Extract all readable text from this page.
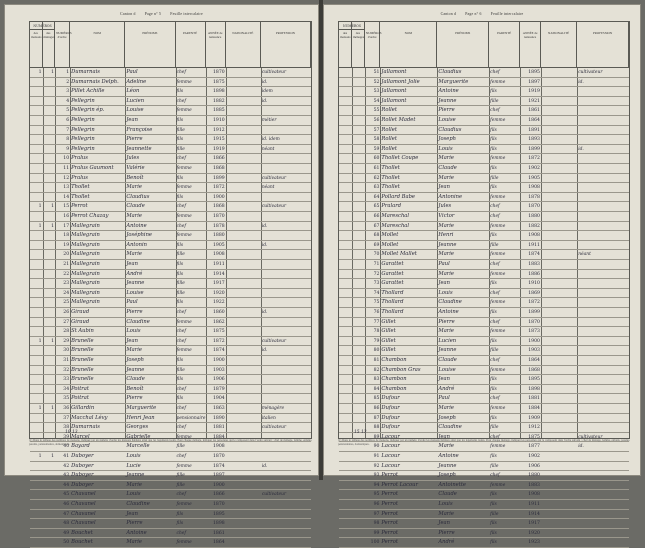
Canton d Page n° 5 Feuille intercalaire
NUMÉROS
des maisons
des ménages
NUMÉROS d'ordre
NOM	PRÉNOMS	PARENTÉ	ANNÉE de naissance
NATIONALITÉ	PROFESSION
1	1	1 Dumarnais	Paul	chef	1870	cultivateur
2 Dumarnais Delph.	Adeline	femme	1875	id.
3 Pillet Achille	Léon	fils	1898	idem
4 Pellegrin	Lucien	chef	1882	id.
5 Pellegrin ép.	Louise	femme	1885
6 Pellegrin	Jean	fils	1910	métier
7 Pellegrin	Françoise	fille	1912
8 Pellegrin	Pierre	fils	1915	id. idem
9 Pellegrin	Jeannette	fille	1919	néant
10 Pralus	Jules	chef	1866
11 Pralus Gaumont	Valérie	femme	1868
12 Pralus	Benoît	fils	1899	cultivateur
13 Thollet	Marie	femme	1872	néant
14 Thollet	Claudius	fils	1900
1	1	15 Perrot	Claude	chef	1868	cultivateur
16 Perrot Chazay	Marie	femme	1870
1	1	17 Mallegrain	Antoine	chef	1878	id.
18 Mallegrain	Joséphine	femme	1880
19 Mallegrain	Antonin	fils	1905	id.
20 Mallegrain	Marie	fille	1908
21 Mallegrain	Jean	fils	1911
22 Mallegrain	André	fils	1914
23 Mallegrain	Jeanne	fille	1917
24 Mallegrain	Louise	fille	1920
25 Mallegrain	Paul	fils	1922
26 Giraud	Pierre	chef	1860	id.
27 Giraud	Claudine	femme	1862
28 St Aubin	Louis	chef	1875
1	1	29 Brunelle	Jean	chef	1872	cultivateur
30 Brunelle	Marie	femme	1874	id.
31 Brunelle	Joseph	fils	1900
32 Brunelle	Jeanne	fille	1903
33 Brunelle	Claude	fils	1906
34 Poitrat	Benoît	chef	1879
35 Poitrat	Pierre	fils	1904
1	1	36 Gillardin	Marguerite	chef	1863	ménagère
37 Macchal Lévy	Henri Jean	pensionnaire	1890	italien
38 Dumarnais	Georges	chef	1881	cultivateur
39 Marcel	Gabrielle	femme	1884
40 Bayard	Marcelle	fille	1908
1	1	41 Duboyer	Louis	chef	1870
42 Duboyer	Lucie	femme	1874	id.
43 Duboyer	Jeanne	fille	1897
44 Duboyer	Marie	fille	1900
45 Chavanel	Louis	chef	1866	cultivateur
46 Chavanel	Claudine	femme	1870
47 Chavanel	Jean	fils	1895
48 Chavanel	Pierre	fils	1898
49 Bouchet	Antoine	chef	1861
50 Bouchet	Marie	femme	1864
10 13
(1) Dans le tableau des nombres de maisons, indiquer par un numéro d'ordre les maisons habitées ainsi que les logements isolés. Pour chaque ménage, indiquer les personnes qui le composent dans l'ordre suivant : chef de ménage, femme, enfants, parents, pensionnaires, domestiques.
Canton d Page n° 6 Feuille intercalaire
NUMÉROS
des maisons
des ménages
NUMÉROS d'ordre
NOM	PRÉNOMS	PARENTÉ	ANNÉE de naissance
NATIONALITÉ	PROFESSION
51 Jallamont	Claudius	chef	1895	cultivateur
52 Jallamont Jolie	Marguerite	femme	1897	id.
53 Jallamont	Antoine	fils	1919
54 Jallamont	Jeanne	fille	1921
55 Rollet	Pierre	chef	1861
56 Rollet Madet	Louise	femme	1864
57 Rollet	Claudius	fils	1891
58 Rollet	Joseph	fils	1893
59 Rollet	Louis	fils	1899	id.
60 Thollet Coupe	Marie	femme	1872
61 Thollet	Claude	fils	1902
62 Thollet	Marie	fille	1905
63 Thollet	Jean	fils	1908
64 Pollard Babe	Antonine	femme	1878
65 Pralard	Jules	chef	1870
66 Mareschal	Victor	chef	1880
67 Mareschal	Marie	femme	1882
68 Mollet	Henri	fils	1908
69 Mollet	Jeanne	fille	1911
70 Mollet Mallet	Marie	femme	1874	néant
71 Garattet	Paul	chef	1883
72 Garattet	Marie	femme	1886
73 Garattet	Jean	fils	1910
74 Thollard	Louis	chef	1869
75 Thollard	Claudine	femme	1872
76 Thollard	Antoine	fils	1899
77 Gillet	Pierre	chef	1870
78 Gillet	Marie	femme	1873
79 Gillet	Lucien	fils	1900
80 Gillet	Jeanne	fille	1903
81 Chambon	Claude	chef	1864
82 Chambon Gras	Louise	femme	1868
83 Chambon	Jean	fils	1895
84 Chambon	André	fils	1898
85 Dufour	Paul	chef	1881
86 Dufour	Marie	femme	1884
87 Dufour	Joseph	fils	1909
88 Dufour	Claudine	fille	1912
89 Lacour	Jean	chef	1875	cultivateur
90 Lacour	Marie	femme	1877	id.
91 Lacour	Antoine	fils	1902
92 Lacour	Jeanne	fille	1906
93 Perrot	Joseph	chef	1880
94 Perrot Lacour	Antoinette	femme	1883
95 Perrot	Claude	fils	1908
96 Perrot	Louis	fils	1911
97 Perrot	Marie	fille	1914
98 Perrot	Jean	fils	1917
99 Perrot	Pierre	fils	1920
100 Perrot	André	fils	1923
15 13
(1) Dans le tableau des nombres de maisons, indiquer par un numéro d'ordre les maisons habitées ainsi que les logements isolés. Pour chaque ménage, indiquer les personnes qui le composent dans l'ordre suivant : chef de ménage, femme, enfants, parents, pensionnaires, domestiques.
